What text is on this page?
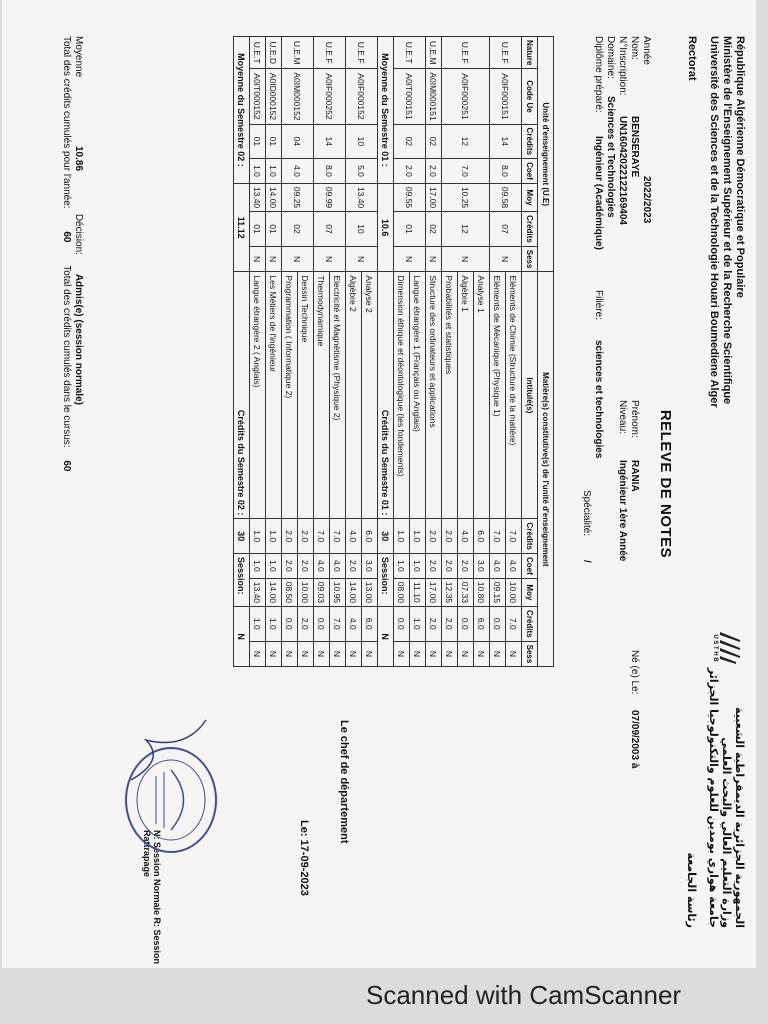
République Algérienne Démocratique et Populaire
Ministère de l'Enseignement Supérieur et de la Recherche Scientifique
Université des Sciences et de la Technologie Houari Boumediene Alger
U S T H B
الجمهورية الجزائرية الديمقراطية الشعبية
وزارة التعليم العالي والبحث العلمي
جامعة هواري بومدين للعلوم والتكنولوجيا الجزائر
Rectorat
رئاسة الجامعة
RELEVE DE NOTES
Année2022/2023
Nom:BENSERAYE
N°Inscription:UN16042022122169404
Domaine:Sciences et Technologies
Diplôme préparé:Ingénieur (Académique)
Prénom:RANIA
Niveau:Ingénieur 1ère Année
Filière:sciences et technologies
Spécialité:/
Né (e) Le:07/09/2003 à
Unité d'enseignement (U.E)							Matière(s) constitutive(s) de l'unité d'enseignement					
Nature	Code Ue	Crédits	Coef	Moy	Crédits	Sess	Intitulé(s)	Crédits	Coef	Moy	Crédits	Sess
U.E.F	A0IF000151	14	8.0	09.58	07	N	Eléments de Chimie (Structure de la matière)	7.0	4.0	10.00	7.0	N
							Eléments de Mécanique (Physique 1)	7.0	4.0	09.15	0.0	N
U.E.F	A0IF000251	12	7.0	10.25	12	N	Analyse 1	6.0	3.0	10.80	6.0	N
							Algèbre 1	4.0	2.0	07.33	0.0	N
							Probabilités et statistiques	2.0	2.0	12.35	2.0	N
U.E.M	A0IM000151	02	2.0	17.00	02	N	Structure des ordinateurs et applications	2.0	2.0	17.00	2.0	N
U.E.T	A0IT000151	02	2.0	09.55	01	N	Langue étrangère 1 (Français ou Anglais)	1.0	1.0	11.10	1.0	N
							Dimension éthique et déontologique (les fondements)	1.0	1.0	08.00	0.0	N
Moyenne du Semestre 01 :				10.6			Crédits du Semestre 01 :	30	Session:		N	
U.E.F	A0IF000152	10	5.0	13.40	10	N	Analyse 2	6.0	3.0	13.00	6.0	N
							Algèbre 2	4.0	2.0	14.00	4.0	N
U.E.F	A0IF000252	14	8.0	09.99	07	N	Electricité et Magnétisme (Physique 2)	7.0	4.0	10.95	7.0	N
							Thermodynamique	7.0	4.0	09.03	0.0	N
U.E.M	A0IM000152	04	4.0	09.25	02	N	Dessin Technique	2.0	2.0	10.00	2.0	N
							Programmation ( Informatique 2)	2.0	2.0	08.50	0.0	N
U.E.D	A0ID000152	01	1.0	14.00	01	N	Les Métiers de l'ingénieur	1.0	1.0	14.00	1.0	N
U.E.T	A0IT000152	01	1.0	13.40	01	N	Langue étrangère 2 ( Anglais)	1.0	1.0	13.40	1.0	N
Moyenne du Semestre 02 :				11.12			Crédits du Semestre 02 :	30	Session:		N	
Moyenne10.86 Décision:Admis(e) (session normale)
Total des crédits cumulés pour l'année: 60 Total des crédits cumulés dans le cursus: 60
Le chef de département
Le: 17-09-2023
N: Session Normale R: Session Rattrapage
Scanned with CamScanner
